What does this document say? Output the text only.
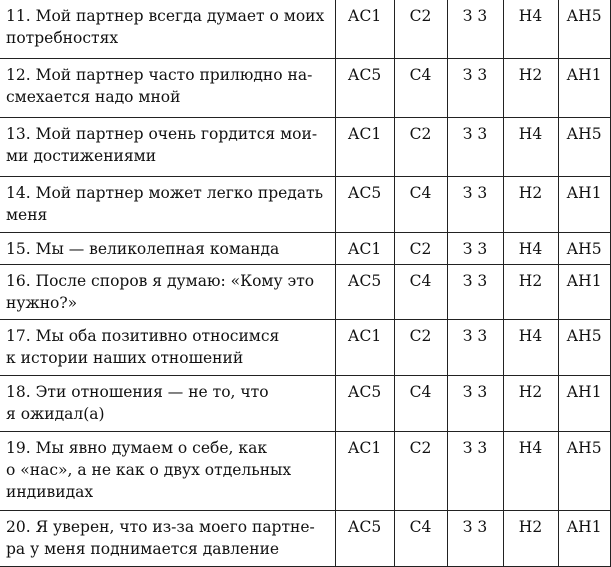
11. Мой партнер всегда думает о моих
потребностях	АС1	С2	З 3	Н4	АН5

12. Мой партнер часто прилюдно на-
смехается надо мной	АС5	С4	З 3	Н2	АН1

13. Мой партнер очень гордится мои-
ми достижениями	АС1	С2	З 3	Н4	АН5

14. Мой партнер может легко предать
меня	АС5	С4	З 3	Н2	АН1

15. Мы — великолепная команда	АС1	С2	З 3	Н4	АН5

16. После споров я думаю: «Кому это
нужно?»	АС5	С4	З 3	Н2	АН1

17. Мы оба позитивно относимся
к истории наших отношений	АС1	С2	З 3	Н4	АН5

18. Эти отношения — не то, что
я ожидал(а)	АС5	С4	З 3	Н2	АН1

19. Мы явно думаем о себе, как
о «нас», а не как о двух отдельных
индивидах	АС1	С2	З 3	Н4	АН5

20. Я уверен, что из-за моего партне-
ра у меня поднимается давление	АС5	С4	З 3	Н2	АН1
